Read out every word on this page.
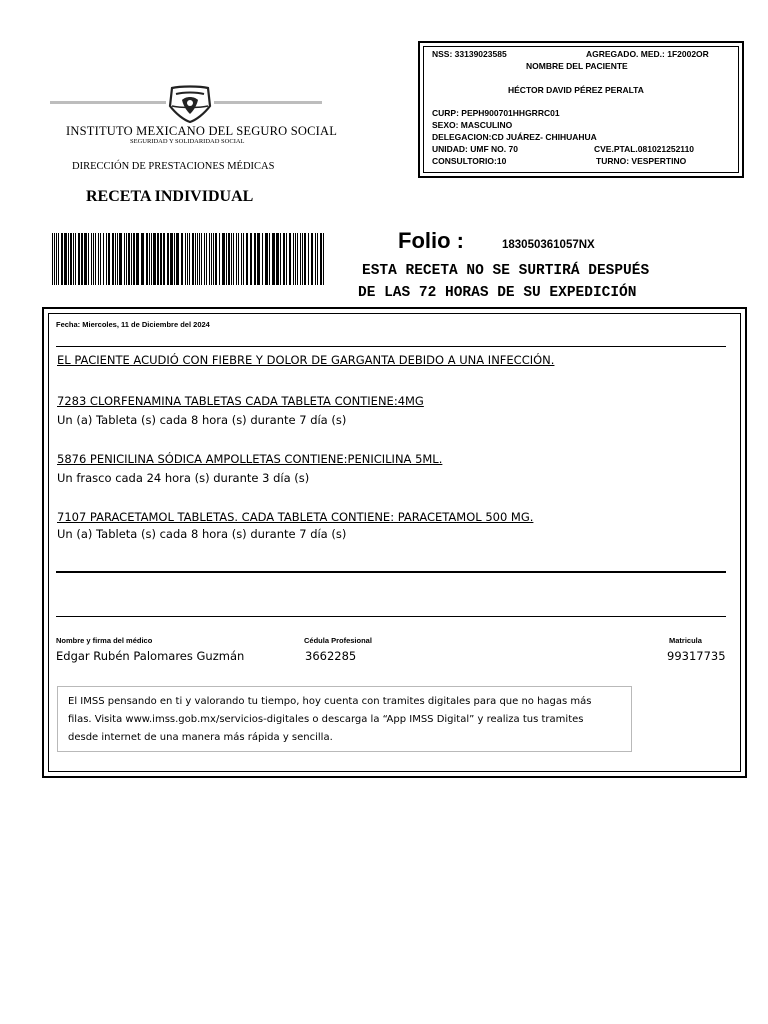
INSTITUTO MEXICANO DEL SEGURO SOCIAL
SEGURIDAD Y SOLIDARIDAD SOCIAL
DIRECCIÓN DE PRESTACIONES MÉDICAS
RECETA INDIVIDUAL
NSS: 33139023585	AGREGADO. MED.: 1F2002OR
NOMBRE DEL PACIENTE
HÉCTOR DAVID PÉREZ PERALTA
CURP: PEPH900701HHGRRC01
SEXO: MASCULINO
DELEGACION:CD JUÁREZ- CHIHUAHUA
UNIDAD: UMF NO. 70	CVE.PTAL.081021252110
CONSULTORIO:10	TURNO: VESPERTINO
Folio :	183050361057NX
ESTA RECETA NO SE SURTIRÁ DESPUÉS
DE LAS 72 HORAS DE SU EXPEDICIÓN
Fecha: Miercoles, 11 de Diciembre del 2024
EL PACIENTE ACUDIÓ CON FIEBRE Y DOLOR DE GARGANTA DEBIDO A UNA INFECCIÓN.
7283 CLORFENAMINA TABLETAS CADA TABLETA CONTIENE:4MG
Un (a) Tableta (s) cada 8 hora (s) durante 7 día (s)
5876 PENICILINA SÓDICA AMPOLLETAS CONTIENE:PENICILINA 5ML.
Un frasco cada 24 hora (s) durante 3 día (s)
7107 PARACETAMOL TABLETAS. CADA TABLETA CONTIENE: PARACETAMOL 500 MG.
Un (a) Tableta (s) cada 8 hora (s) durante 7 día (s)
Nombre y firma del médico
Edgar Rubén Palomares Guzmán
Cédula Profesional
3662285
Matricula
99317735

El IMSS pensando en ti y valorando tu tiempo, hoy cuenta con tramites digitales para que no hagas más

filas. Visita www.imss.gob.mx/servicios-digitales o descarga la “App IMSS Digital” y realiza tus tramites

desde internet de una manera más rápida y sencilla.
